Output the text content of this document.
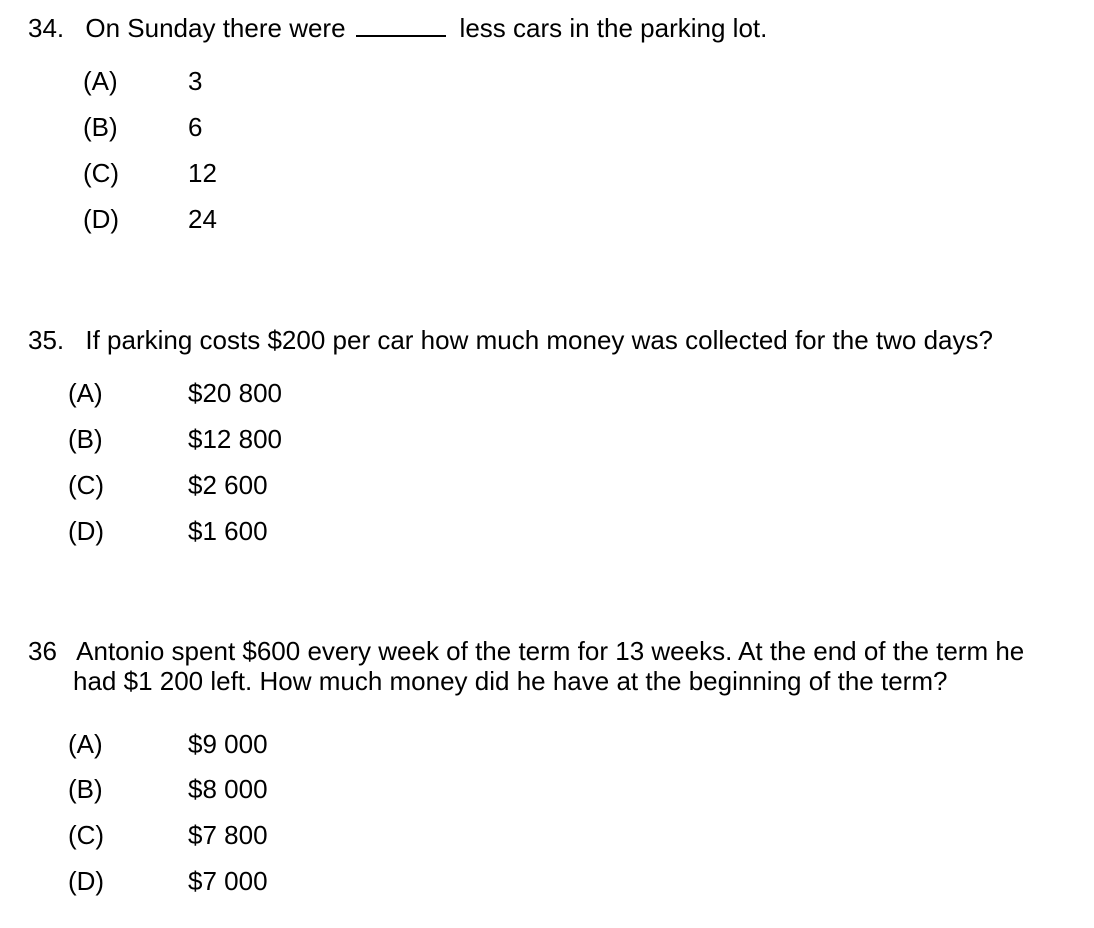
34. On Sunday there were	less cars in the parking lot.
(A)	3
(B)	6
(C)	12
(D)	24
35. If parking costs $200 per car how much money was collected for the two days?
(A)	$20 800
(B)	$12 800
(C)	$2 600
(D)	$1 600
36 Antonio spent $600 every week of the term for 13 weeks. At the end of the term he
had $1 200 left. How much money did he have at the beginning of the term?
(A)	$9 000
(B)	$8 000
(C)	$7 800
(D)	$7 000
